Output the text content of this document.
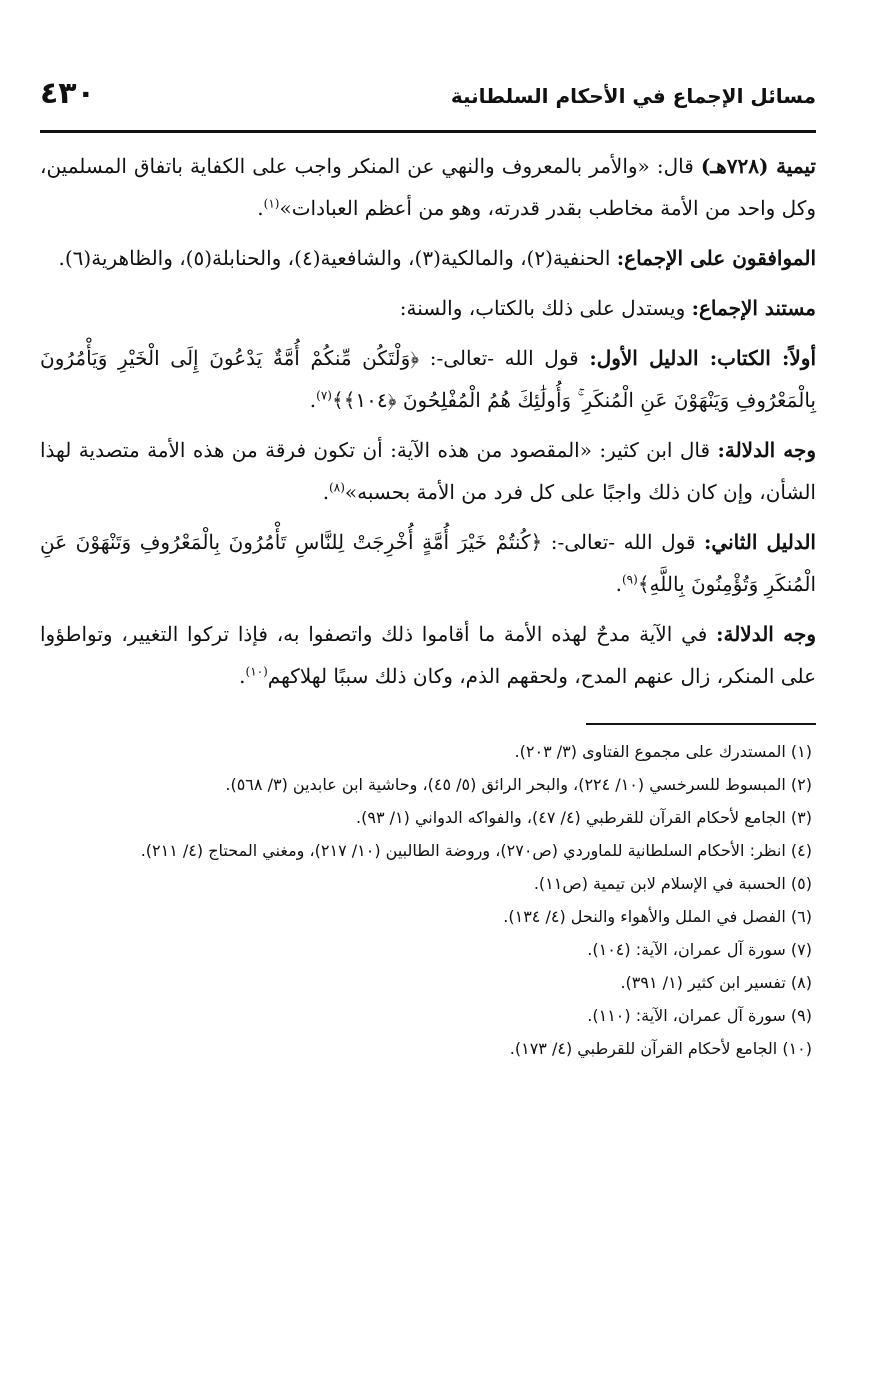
مسائل الإجماع في الأحكام السلطانية
٤٣٠

تيمية (٧٢٨هـ) قال: «والأمر بالمعروف والنهي عن المنكر واجب على الكفاية باتفاق المسلمين، وكل واحد من الأمة مخاطب بقدر قدرته، وهو من أعظم العبادات»$^{(١)}$.

الموافقون على الإجماع: الحنفية(٢)، والمالكية(٣)، والشافعية(٤)، والحنابلة(٥)، والظاهرية(٦).

مستند الإجماع: ويستدل على ذلك بالكتاب، والسنة:

أولاً: الكتاب: الدليل الأول: قول الله -تعالى-: ﴿وَلْتَكُن مِّنكُمْ أُمَّةٌ يَدْعُونَ إِلَى الْخَيْرِ وَيَأْمُرُونَ بِالْمَعْرُوفِ وَيَنْهَوْنَ عَنِ الْمُنكَرِ ۚ وَأُولَٰئِكَ هُمُ الْمُفْلِحُونَ ﴿١٠٤﴾﴾$^{(٧)}$.

وجه الدلالة: قال ابن كثير: «المقصود من هذه الآية: أن تكون فرقة من هذه الأمة متصدية لهذا الشأن، وإن كان ذلك واجبًا على كل فرد من الأمة بحسبه»$^{(٨)}$.

الدليل الثاني: قول الله -تعالى-: ﴿كُنتُمْ خَيْرَ أُمَّةٍ أُخْرِجَتْ لِلنَّاسِ تَأْمُرُونَ بِالْمَعْرُوفِ وَتَنْهَوْنَ عَنِ الْمُنكَرِ وَتُؤْمِنُونَ بِاللَّهِ﴾$^{(٩)}$.

وجه الدلالة: في الآية مدحٌ لهذه الأمة ما أقاموا ذلك واتصفوا به، فإذا تركوا التغيير، وتواطؤوا على المنكر، زال عنهم المدح، ولحقهم الذم، وكان ذلك سببًا لهلاكهم$^{(١٠)}$.

(١) المستدرك على مجموع الفتاوى (٣/ ٢٠٣).
(٢) المبسوط للسرخسي (١٠/ ٢٢٤)، والبحر الرائق (٥/ ٤٥)، وحاشية ابن عابدين (٣/ ٥٦٨).
(٣) الجامع لأحكام القرآن للقرطبي (٤/ ٤٧)، والفواكه الدواني (١/ ٩٣).
(٤) انظر: الأحكام السلطانية للماوردي (ص٢٧٠)، وروضة الطالبين (١٠/ ٢١٧)، ومغني المحتاج (٤/ ٢١١).
(٥) الحسبة في الإسلام لابن تيمية (ص١١).
(٦) الفصل في الملل والأهواء والنحل (٤/ ١٣٤).
(٧) سورة آل عمران، الآية: (١٠٤).
(٨) تفسير ابن كثير (١/ ٣٩١).
(٩) سورة آل عمران، الآية: (١١٠).
(١٠) الجامع لأحكام القرآن للقرطبي (٤/ ١٧٣).
